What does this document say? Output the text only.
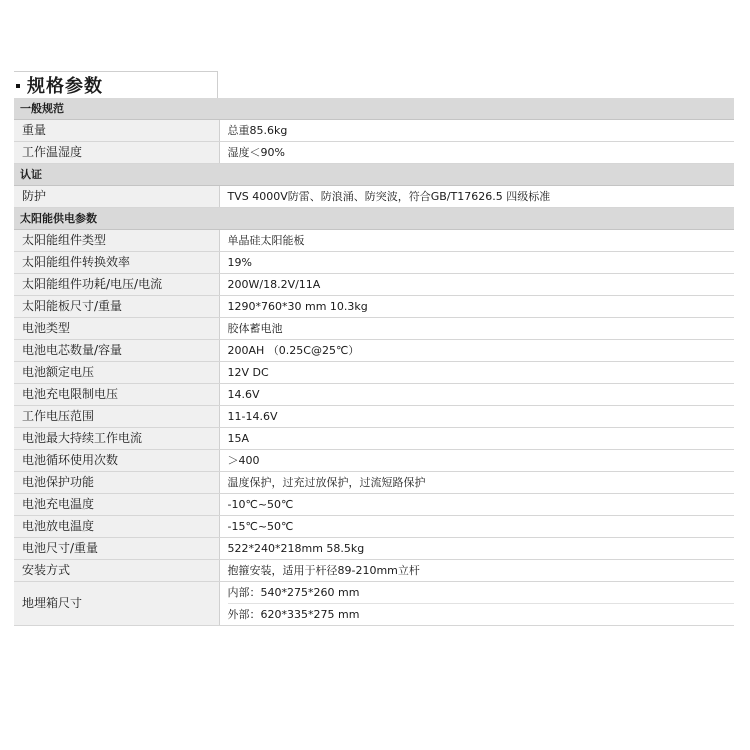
规格参数
一般规范	
重量	总重85.6kg
工作温湿度	湿度＜90%
认证	
防护	TVS 4000V防雷、防浪涌、防突波，符合GB/T17626.5 四级标准
太阳能供电参数	
太阳能组件类型	单晶硅太阳能板
太阳能组件转换效率	19%
太阳能组件功耗/电压/电流	200W/18.2V/11A
太阳能板尺寸/重量	1290*760*30 mm 10.3kg
电池类型	胶体蓄电池
电池电芯数量/容量	200AH （0.25C@25℃）
电池额定电压	12V DC
电池充电限制电压	14.6V
工作电压范围	11-14.6V
电池最大持续工作电流	15A
电池循环使用次数	＞400
电池保护功能	温度保护，过充过放保护，过流短路保护
电池充电温度	-10℃~50℃
电池放电温度	-15℃~50℃
电池尺寸/重量	522*240*218mm 58.5kg
安装方式	抱箍安装，适用于杆径89-210mm立杆
地埋箱尺寸	内部：540*275*260 mm
外部：620*335*275 mm
